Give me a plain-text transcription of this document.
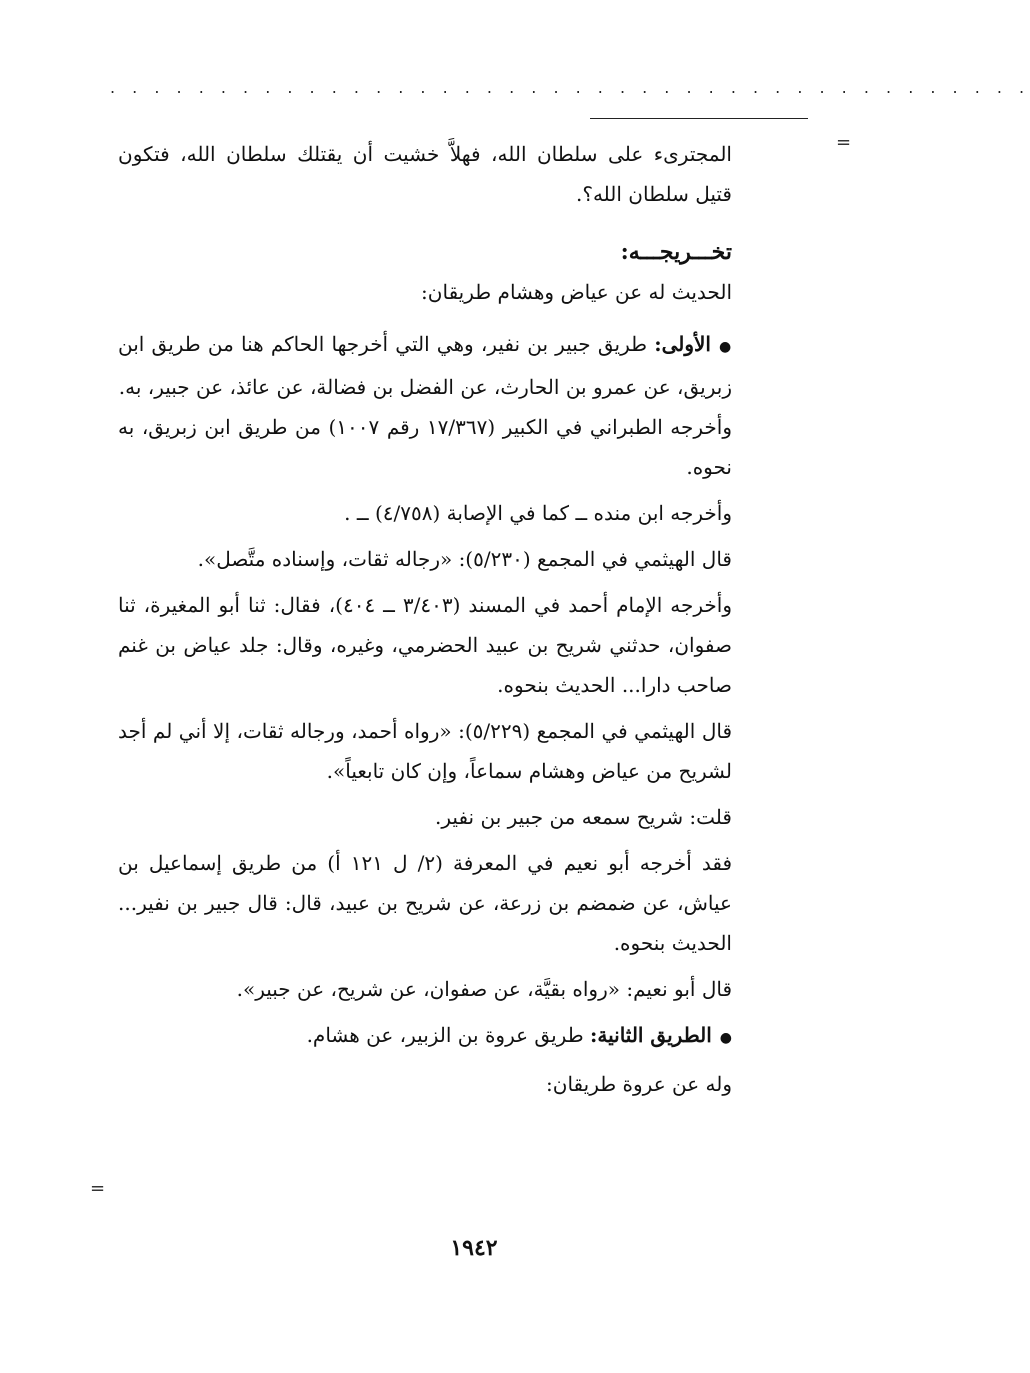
. . . . . . . . . . . . . . . . . . . . . . . . . . . . . . . . . . . . . . . . . .
=
=

المجترىء على سلطان الله، فهلاَّ خشيت أن يقتلك سلطان الله، فتكون قتيل سلطان الله؟.

تخـــريجـــه:

الحديث له عن عياض وهشام طريقان:

●الأولى: طريق جبير بن نفير، وهي التي أخرجها الحاكم هنا من طريق ابن زبريق، عن عمرو بن الحارث، عن الفضل بن فضالة، عن عائذ، عن جبير، به.

وأخرجه الطبراني في الكبير (١٧/٣٦٧ رقم ١٠٠٧) من طريق ابن زبريق، به نحوه.

وأخرجه ابن منده ــ كما في الإصابة (٤/٧٥٨) ــ .

قال الهيثمي في المجمع (٥/٢٣٠): «رجاله ثقات، وإسناده متَّصل».

وأخرجه الإمام أحمد في المسند (٣/٤٠٣ ــ ٤٠٤)، فقال: ثنا أبو المغيرة، ثنا صفوان، حدثني شريح بن عبيد الحضرمي، وغيره، وقال: جلد عياض بن غنم صاحب دارا... الحديث بنحوه.

قال الهيثمي في المجمع (٥/٢٢٩): «رواه أحمد، ورجاله ثقات، إلا أني لم أجد لشريح من عياض وهشام سماعاً، وإن كان تابعياً».

قلت: شريح سمعه من جبير بن نفير.

فقد أخرجه أبو نعيم في المعرفة (٢/ ل ١٢١ أ) من طريق إسماعيل بن عياش، عن ضمضم بن زرعة، عن شريح بن عبيد، قال: قال جبير بن نفير... الحديث بنحوه.

قال أبو نعيم: «رواه بقيَّة، عن صفوان، عن شريح، عن جبير».

●الطريق الثانية: طريق عروة بن الزبير، عن هشام.

وله عن عروة طريقان:

١٩٤٢
